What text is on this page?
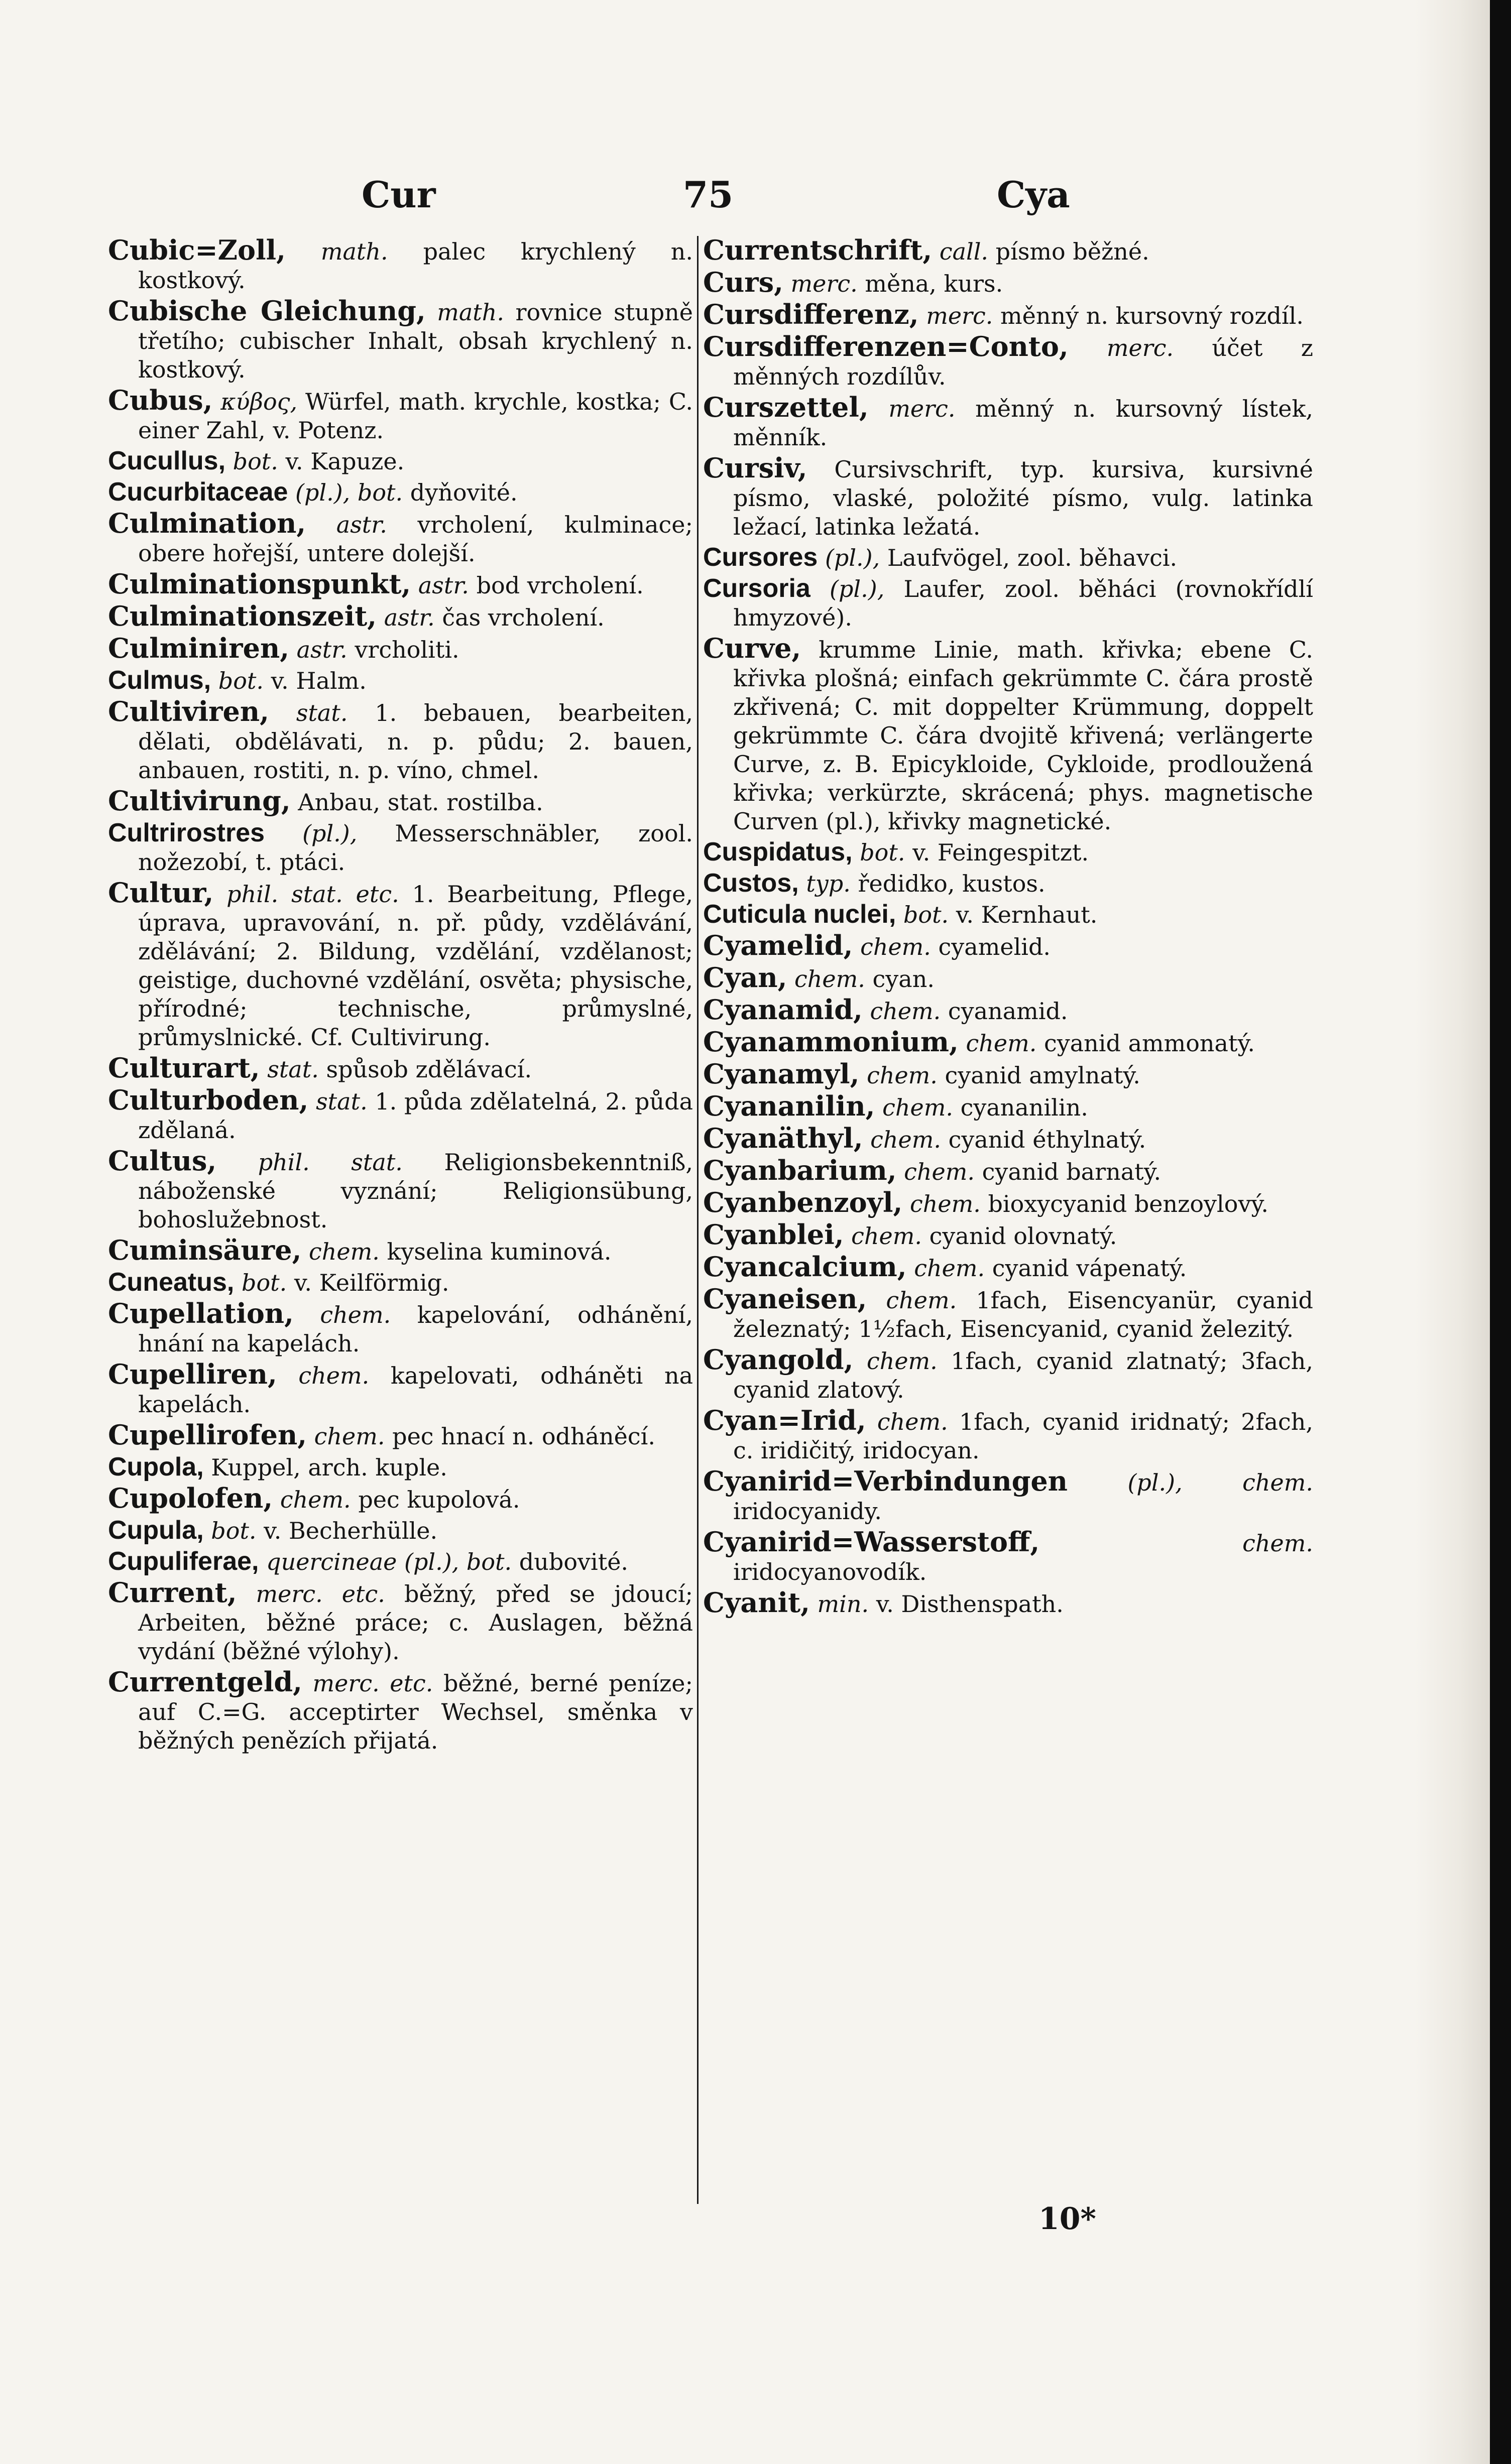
Cur	75	Cya

Cubic=Zoll, math. palec krychlený n. kostkový.

Cubische Gleichung, math. rovnice stupně třetího; cubischer Inhalt, obsah krychlený n. kostkový.

Cubus, κύβος, Würfel, math. krychle, kostka; C. einer Zahl, v. Potenz.

Cucullus, bot. v. Kapuze.

Cucurbitaceae (pl.), bot. dyňovité.

Culmination, astr. vrcholení, kulminace; obere hořejší, untere dolejší.

Culminationspunkt, astr. bod vrcholení.

Culminationszeit, astr. čas vrcholení.

Culminiren, astr. vrcholiti.

Culmus, bot. v. Halm.

Cultiviren, stat. 1. bebauen, bearbeiten, dělati, obdělávati, n. p. půdu; 2. bauen, anbauen, rostiti, n. p. víno, chmel.

Cultivirung, Anbau, stat. rostilba.

Cultrirostres (pl.), Messerschnäbler, zool. nožezobí, t. ptáci.

Cultur, phil. stat. etc. 1. Bearbeitung, Pflege, úprava, upravování, n. př. půdy, vzdělávání, zdělávání; 2. Bildung, vzdělání, vzdělanost; geistige, duchovné vzdělání, osvěta; physische, přírodné; technische, průmyslné, průmyslnické. Cf. Cultivirung.

Culturart, stat. spůsob zdělávací.

Culturboden, stat. 1. půda zdělatelná, 2. půda zdělaná.

Cultus, phil. stat. Religionsbekenntniß, náboženské vyznání; Religionsübung, bohoslužebnost.

Cuminsäure, chem. kyselina kuminová.

Cuneatus, bot. v. Keilförmig.

Cupellation, chem. kapelování, odhánění, hnání na kapelách.

Cupelliren, chem. kapelovati, odháněti na kapelách.

Cupellirofen, chem. pec hnací n. odháněcí.

Cupola, Kuppel, arch. kuple.

Cupolofen, chem. pec kupolová.

Cupula, bot. v. Becherhülle.

Cupuliferae, quercineae (pl.), bot. dubovité.

Current, merc. etc. běžný, před se jdoucí; Arbeiten, běžné práce; c. Auslagen, běžná vydání (běžné výlohy).

Currentgeld, merc. etc. běžné, berné peníze; auf C.=G. acceptirter Wechsel, směnka v běžných penězích přijatá.

Currentschrift, call. písmo běžné.

Curs, merc. měna, kurs.

Cursdifferenz, merc. měnný n. kursovný rozdíl.

Cursdifferenzen=Conto, merc. účet z měnných rozdílův.

Curszettel, merc. měnný n. kursovný lístek, měnník.

Cursiv, Cursivschrift, typ. kursiva, kursivné písmo, vlaské, položité písmo, vulg. latinka ležací, latinka ležatá.

Cursores (pl.), Laufvögel, zool. běhavci.

Cursoria (pl.), Laufer, zool. běháci (rovnokřídlí hmyzové).

Curve, krumme Linie, math. křivka; ebene C. křivka plošná; einfach gekrümmte C. čára prostě zkřivená; C. mit doppelter Krümmung, doppelt gekrümmte C. čára dvojitě křivená; verlängerte Curve, z. B. Epicykloide, Cykloide, prodloužená křivka; verkürzte, skrácená; phys. magnetische Curven (pl.), křivky magnetické.

Cuspidatus, bot. v. Feingespitzt.

Custos, typ. ředidko, kustos.

Cuticula nuclei, bot. v. Kernhaut.

Cyamelid, chem. cyamelid.

Cyan, chem. cyan.

Cyanamid, chem. cyanamid.

Cyanammonium, chem. cyanid ammonatý.

Cyanamyl, chem. cyanid amylnatý.

Cyananilin, chem. cyananilin.

Cyanäthyl, chem. cyanid éthylnatý.

Cyanbarium, chem. cyanid barnatý.

Cyanbenzoyl, chem. bioxycyanid benzoylový.

Cyanblei, chem. cyanid olovnatý.

Cyancalcium, chem. cyanid vápenatý.

Cyaneisen, chem. 1fach, Eisencyanür, cyanid železnatý; 1½fach, Eisencyanid, cyanid železitý.

Cyangold, chem. 1fach, cyanid zlatnatý; 3fach, cyanid zlatový.

Cyan=Irid, chem. 1fach, cyanid iridnatý; 2fach, c. iridičitý, iridocyan.

Cyanirid=Verbindungen	(pl.), chem. iridocyanidy.

Cyanirid=Wasserstoff,	chem. iridocyanovodík.

Cyanit, min. v. Disthenspath.

10*
